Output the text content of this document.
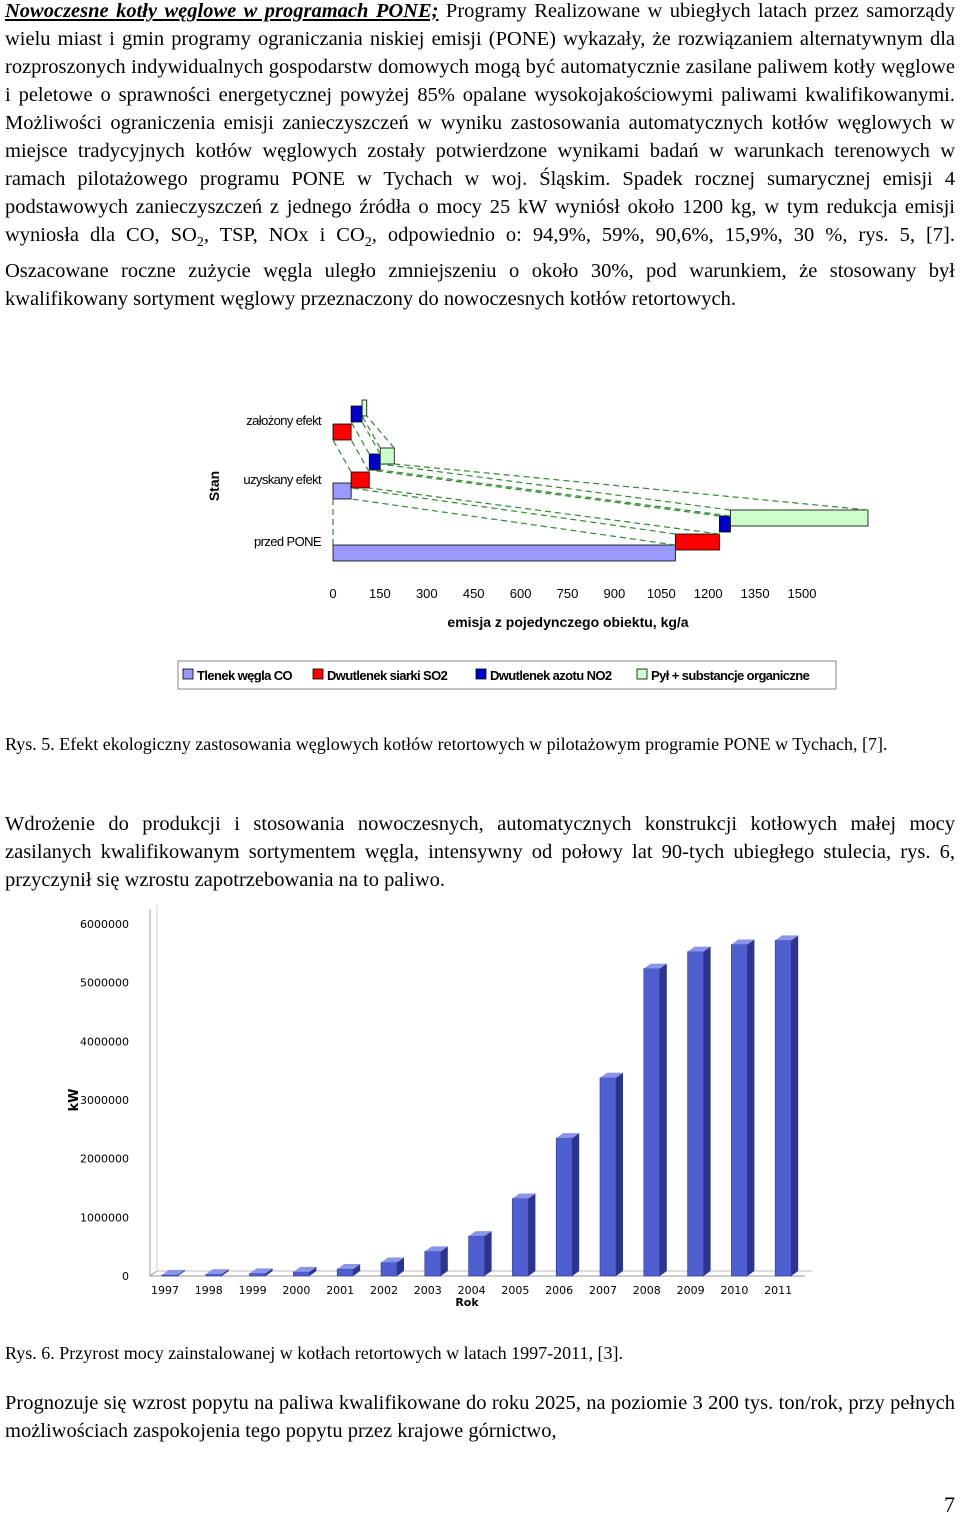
Nowoczesne kotły węglowe w programach PONE; Programy Realizowane w ubiegłych latach przez samorządy wielu miast i gmin programy ograniczania niskiej emisji (PONE) wykazały, że rozwiązaniem alternatywnym dla rozproszonych indywidualnych gospodarstw domowych mogą być automatycznie zasilane paliwem kotły węglowe i peletowe o sprawności energetycznej powyżej 85% opalane wysokojakościowymi paliwami kwalifikowanymi. Możliwości ograniczenia emisji zanieczyszczeń w wyniku zastosowania automatycznych kotłów węglowych w miejsce tradycyjnych kotłów węglowych zostały potwierdzone wynikami badań w warunkach terenowych w ramach pilotażowego programu PONE w Tychach w woj. Śląskim. Spadek rocznej sumarycznej emisji 4 podstawowych zanieczyszczeń z jednego źródła o mocy 25 kW wyniósł około 1200 kg, w tym redukcja emisji wyniosła dla CO, $SO_2$, TSP, NOx i $CO_2$, odpowiednio o: 94,9%, 59%, 90,6%, 15,9%, 30 %, rys. 5, [7]. Oszacowane roczne zużycie węgla uległo zmniejszeniu o około 30%, pod warunkiem, że stosowany był kwalifikowany sortyment węglowy przeznaczony do nowoczesnych kotłów retortowych.

Stan
przed PONE
uzyskany efekt
założony efekt
0 150 300 450 600 750 900 1050 1200 1350 1500
emisja z pojedynczego obiektu, kg/a
Tlenek węgla CO	Dwutlenek siarki SO2	Dwutlenek azotu NO2	Pył + substancje organiczne

Rys. 5. Efekt ekologiczny zastosowania węglowych kotłów retortowych w pilotażowym programie PONE w Tychach, [7].

Wdrożenie do produkcji i stosowania nowoczesnych, automatycznych konstrukcji kotłowych małej mocy zasilanych kwalifikowanym sortymentem węgla, intensywny od połowy lat 90-tych ubiegłego stulecia, rys. 6, przyczynił się wzrostu zapotrzebowania na to paliwo.

0
1000000
2000000
3000000
4000000
5000000
6000000
kW
1997 1998 1999 2000 2001 2002 2003 2004 2005 2006 2007 2008 2009 2010 2011
Rok

Rys. 6. Przyrost mocy zainstalowanej w kotłach retortowych w latach 1997-2011, [3].

Prognozuje się wzrost popytu na paliwa kwalifikowane do roku 2025, na poziomie 3 200 tys. ton/rok, przy pełnych możliwościach zaspokojenia tego popytu przez krajowe górnictwo,

7
